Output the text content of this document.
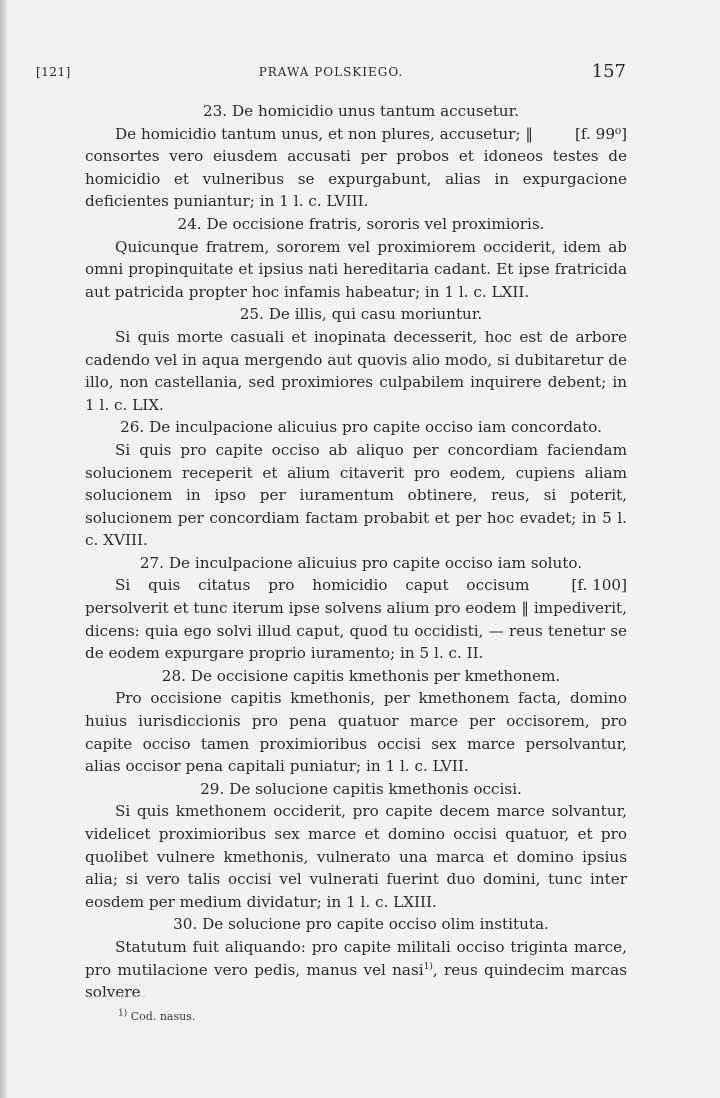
[121]	PRAWA POLSKIEGO.	157

23. De homicidio unus tantum accusetur.

[f. 99⁰]
De homicidio tantum unus, et non plures, accusetur; ‖ consortes vero eiusdem accusati per probos et idoneos testes de homicidio et vulneribus se expurgabunt, alias in expurgacione deficientes puniantur; in 1 l. c. LVIII.

24. De occisione fratris, sororis vel proximioris.

Quicunque fratrem, sororem vel proximiorem occiderit, idem ab omni propinquitate et ipsius nati hereditaria cadant. Et ipse fratricida aut patricida propter hoc infamis habeatur; in 1 l. c. LXII.

25. De illis, qui casu moriuntur.

Si quis morte casuali et inopinata decesserit, hoc est de arbore cadendo vel in aqua mergendo aut quovis alio modo, si dubitaretur de illo, non castellania, sed proximiores culpabilem inquirere debent; in 1 l. c. LIX.

26. De inculpacione alicuius pro capite occiso iam concordato.

Si quis pro capite occiso ab aliquo per concordiam faciendam solucionem receperit et alium citaverit pro eodem, cupiens aliam solucionem in ipso per iuramentum obtinere, reus, si poterit, solucionem per concordiam factam probabit et per hoc evadet; in 5 l. c. XVIII.

27. De inculpacione alicuius pro capite occiso iam soluto.

[f. 100]
Si quis citatus pro homicidio caput occisum persolverit et tunc iterum ipse solvens alium pro eodem ‖ impediverit, dicens: quia ego solvi illud caput, quod tu occidisti, — reus tenetur se de eodem expurgare proprio iuramento; in 5 l. c. II.

28. De occisione capitis kmethonis per kmethonem.

Pro occisione capitis kmethonis, per kmethonem facta, domino huius iurisdiccionis pro pena quatuor marce per occisorem, pro capite occiso tamen proximioribus occisi sex marce persolvantur, alias occisor pena capitali puniatur; in 1 l. c. LVII.

29. De solucione capitis kmethonis occisi.

Si quis kmethonem occiderit, pro capite decem marce solvantur, videlicet proximioribus sex marce et domino occisi quatuor, et pro quolibet vulnere kmethonis, vulnerato una marca et domino ipsius alia; si vero talis occisi vel vulnerati fuerint duo domini, tunc inter eosdem per medium dividatur; in 1 l. c. LXIII.

30. De solucione pro capite occiso olim instituta.

Statutum fuit aliquando: pro capite militali occiso triginta marce, pro mutilacione vero pedis, manus vel nasi$^{1)}$, reus quindecim marcas solvere

$^{1)}$ Cod. nasus.
